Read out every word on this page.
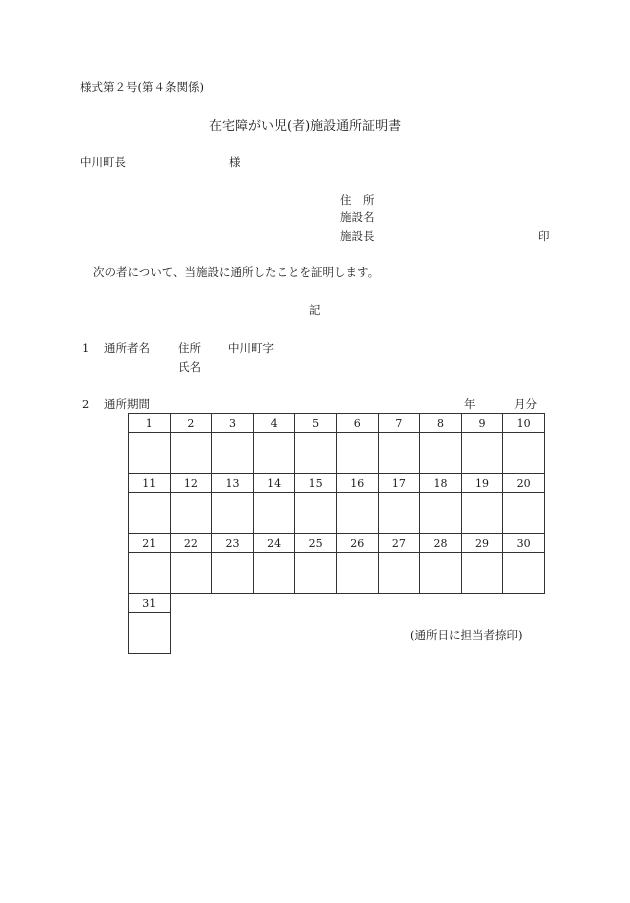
様式第２号(第４条関係)
在宅障がい児(者)施設通所証明書
中川町長	様
住　所
施設名
施設長	印
次の者について、当施設に通所したことを証明します。
記
1 通所者名 住所 中川町字
氏名
2 通所期間	年	月分
1	2	3	4	5	6	7	8	9	10

11	12	13	14	15	16	17	18	19	20

21	22	23	24	25	26	27	28	29	30

31									

(通所日に担当者捺印)
